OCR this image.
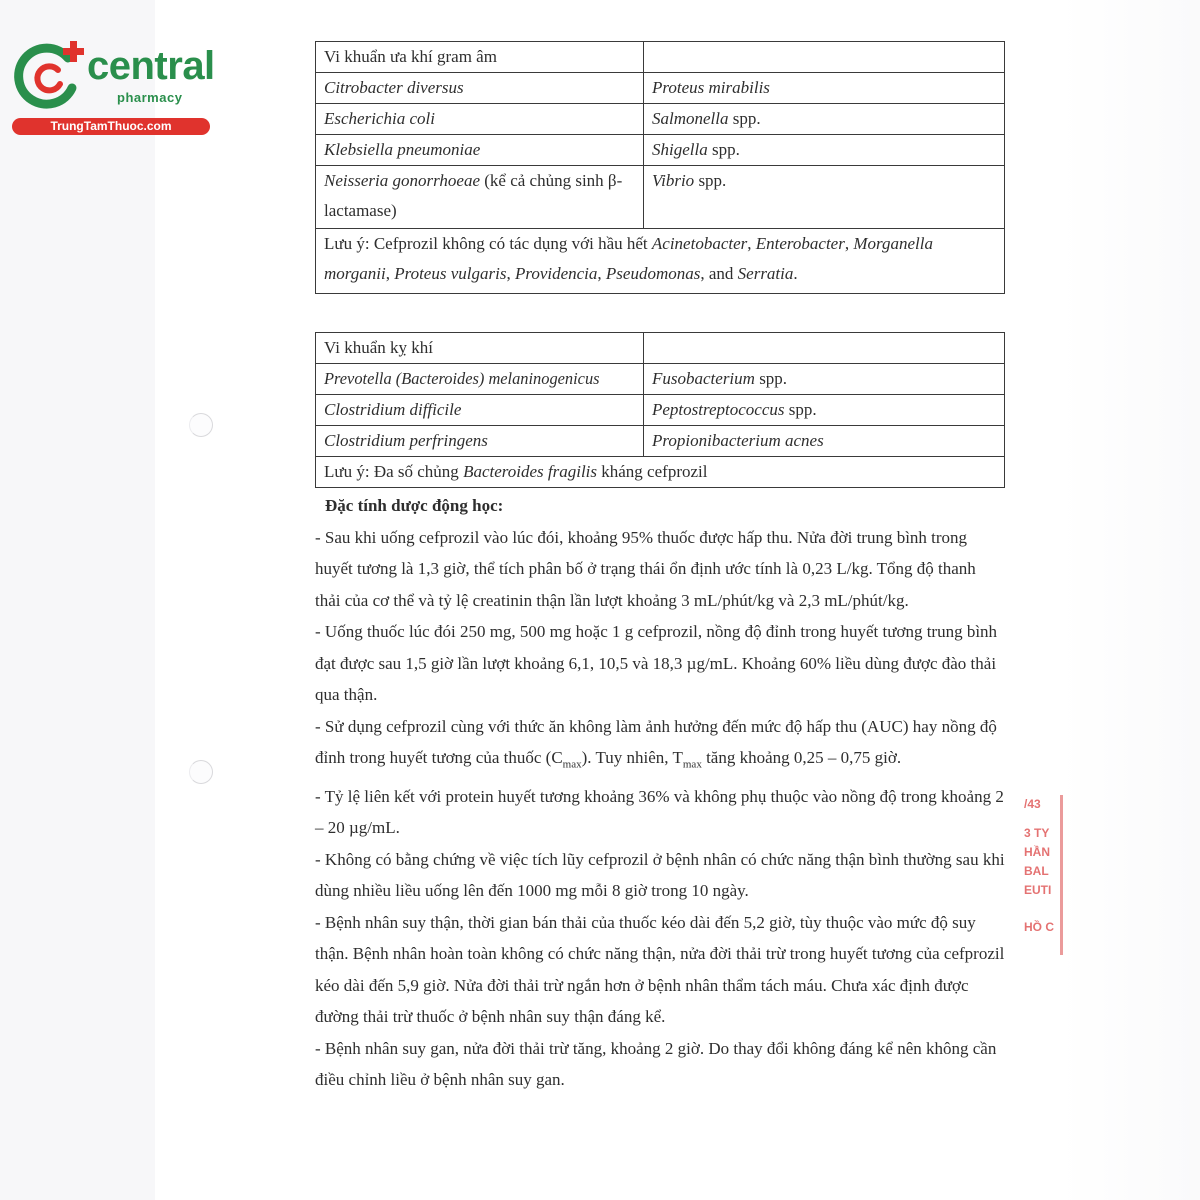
central
pharmacy
TrungTamThuoc.com
Vi khuẩn ưa khí gram âm	
Citrobacter diversus	Proteus mirabilis
Escherichia coli	Salmonella spp.
Klebsiella pneumoniae	Shigella spp.
Neisseria gonorrhoeae (kể cả chủng sinh β-lactamase)	Vibrio spp.
Lưu ý: Cefprozil không có tác dụng với hầu hết Acinetobacter, Enterobacter, Morganella morganii, Proteus vulgaris, Providencia, Pseudomonas, and Serratia.	
Vi khuẩn kỵ khí	
Prevotella (Bacteroides) melaninogenicus	Fusobacterium spp.
Clostridium difficile	Peptostreptococcus spp.
Clostridium perfringens	Propionibacterium acnes
Lưu ý: Đa số chủng Bacteroides fragilis kháng cefprozil	
Đặc tính dược động học:

- Sau khi uống cefprozil vào lúc đói, khoảng 95% thuốc được hấp thu. Nửa đời trung bình trong huyết tương là 1,3 giờ, thể tích phân bố ở trạng thái ổn định ước tính là 0,23 L/kg. Tổng độ thanh thải của cơ thể và tỷ lệ creatinin thận lần lượt khoảng 3 mL/phút/kg và 2,3 mL/phút/kg.

- Uống thuốc lúc đói 250 mg, 500 mg hoặc 1 g cefprozil, nồng độ đỉnh trong huyết tương trung bình đạt được sau 1,5 giờ lần lượt khoảng 6,1, 10,5 và 18,3 µg/mL. Khoảng 60% liều dùng được đào thải qua thận.

- Sử dụng cefprozil cùng với thức ăn không làm ảnh hưởng đến mức độ hấp thu (AUC) hay nồng độ đỉnh trong huyết tương của thuốc $(C_{max})$. Tuy nhiên, $T_{max}$ tăng khoảng 0,25 – 0,75 giờ.

- Tỷ lệ liên kết với protein huyết tương khoảng 36% và không phụ thuộc vào nồng độ trong khoảng 2 – 20 µg/mL.

- Không có bằng chứng về việc tích lũy cefprozil ở bệnh nhân có chức năng thận bình thường sau khi dùng nhiều liều uống lên đến 1000 mg mỗi 8 giờ trong 10 ngày.

- Bệnh nhân suy thận, thời gian bán thải của thuốc kéo dài đến 5,2 giờ, tùy thuộc vào mức độ suy thận. Bệnh nhân hoàn toàn không có chức năng thận, nửa đời thải trừ trong huyết tương của cefprozil kéo dài đến 5,9 giờ. Nửa đời thải trừ ngắn hơn ở bệnh nhân thẩm tách máu. Chưa xác định được đường thải trừ thuốc ở bệnh nhân suy thận đáng kể.

- Bệnh nhân suy gan, nửa đời thải trừ tăng, khoảng 2 giờ. Do thay đổi không đáng kể nên không cần điều chỉnh liều ở bệnh nhân suy gan.

/43
3 TY
HẦN
BAL
EUTI
HỒ C
